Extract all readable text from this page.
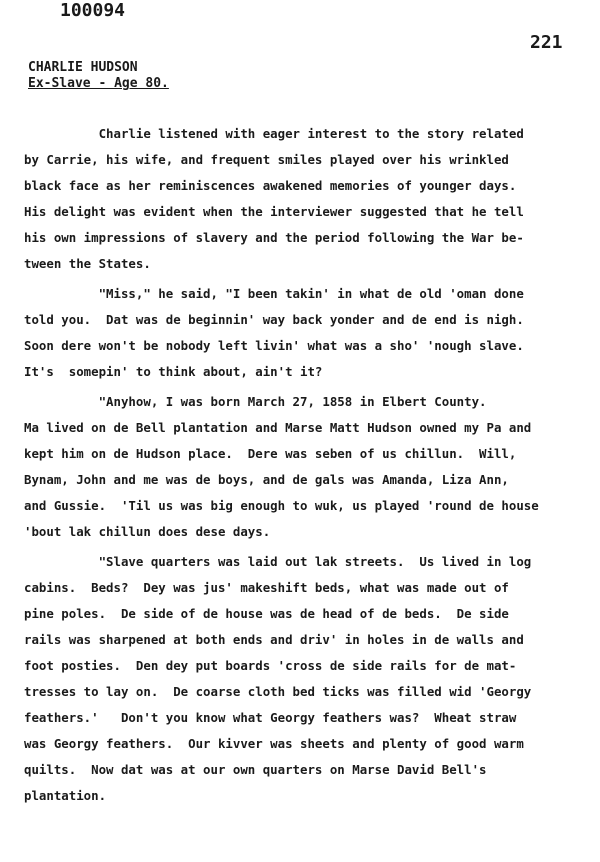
100094
221
CHARLIE HUDSON
Ex-Slave - Age 80.
Charlie listened with eager interest to the story related
by Carrie, his wife, and frequent smiles played over his wrinkled
black face as her reminiscences awakened memories of younger days.
His delight was evident when the interviewer suggested that he tell
his own impressions of slavery and the period following the War be-
tween the States.
"Miss," he said, "I been takin' in what de old 'oman done
told you.  Dat was de beginnin' way back yonder and de end is nigh.
Soon dere won't be nobody left livin' what was a sho' 'nough slave.
It's  somepin' to think about, ain't it?
"Anyhow, I was born March 27, 1858 in Elbert County.
Ma lived on de Bell plantation and Marse Matt Hudson owned my Pa and
kept him on de Hudson place.  Dere was seben of us chillun.  Will,
Bynam, John and me was de boys, and de gals was Amanda, Liza Ann,
and Gussie.  'Til us was big enough to wuk, us played 'round de house
'bout lak chillun does dese days.
"Slave quarters was laid out lak streets.  Us lived in log
cabins.  Beds?  Dey was jus' makeshift beds, what was made out of
pine poles.  De side of de house was de head of de beds.  De side
rails was sharpened at both ends and driv' in holes in de walls and
foot posties.  Den dey put boards 'cross de side rails for de mat-
tresses to lay on.  De coarse cloth bed ticks was filled wid 'Georgy
feathers.'   Don't you know what Georgy feathers was?  Wheat straw
was Georgy feathers.  Our kivver was sheets and plenty of good warm
quilts.  Now dat was at our own quarters on Marse David Bell's
plantation.
